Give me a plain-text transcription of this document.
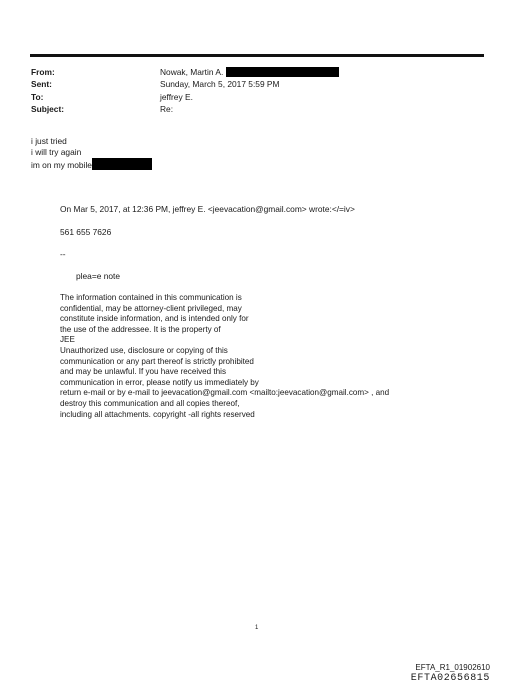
From:	Nowak, Martin A.
Sent:	Sunday, March 5, 2017 5:59 PM
To:	jeffrey E.
Subject:	Re:
i just tried
i will try again
im on my mobile
On Mar 5, 2017, at 12:36 PM, jeffrey E. <jeevacation@gmail.com> wrote:</=iv>
561 655 7626
--
plea=e note
The information contained in this communication is
confidential, may be attorney-client privileged, may
constitute inside information, and is intended only for
the use of the addressee. It is the property of
JEE
Unauthorized use, disclosure or copying of this
communication or any part thereof is strictly prohibited
and may be unlawful. If you have received this
communication in error, please notify us immediately by
return e-mail or by e-mail to jeevacation@gmail.com <mailto:jeevacation@gmail.com> , and
destroy this communication and all copies thereof,
including all attachments. copyright -all rights reserved
1
EFTA_R1_01902610
EFTA02656815
